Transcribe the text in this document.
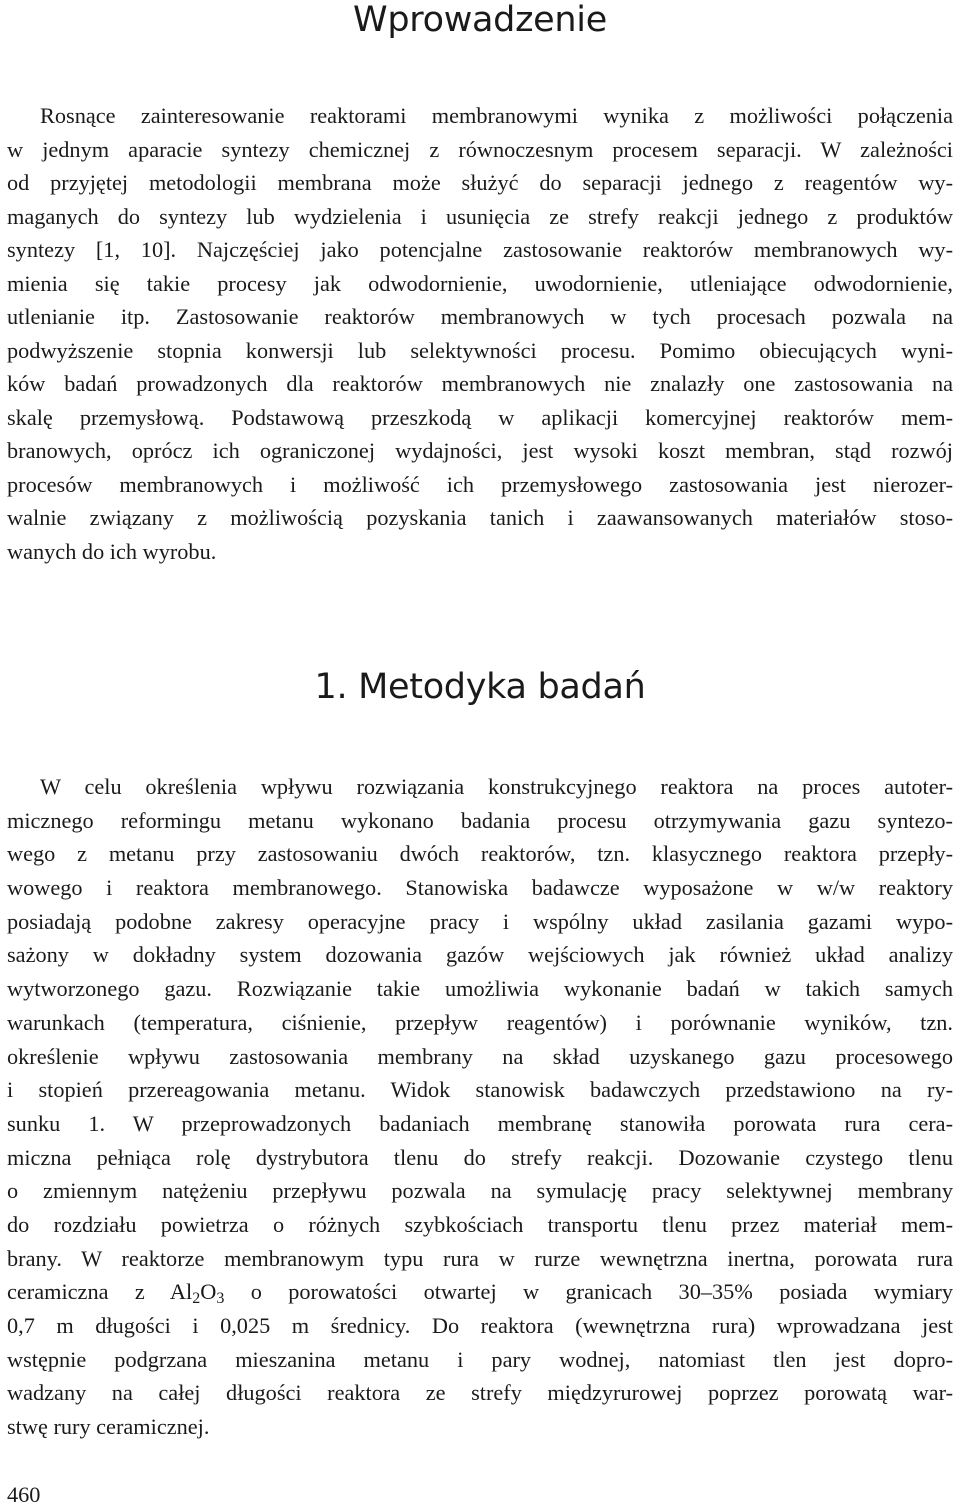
Wprowadzenie
Rosnące zainteresowanie reaktorami membranowymi wynika z możliwości połączenia
w jednym aparacie syntezy chemicznej z równoczesnym procesem separacji. W zależności
od przyjętej metodologii membrana może służyć do separacji jednego z reagentów wy-
maganych do syntezy lub wydzielenia i usunięcia ze strefy reakcji jednego z produktów
syntezy [1, 10]. Najczęściej jako potencjalne zastosowanie reaktorów membranowych wy-
mienia się takie procesy jak odwodornienie, uwodornienie, utleniające odwodornienie,
utlenianie itp. Zastosowanie reaktorów membranowych w tych procesach pozwala na
podwyższenie stopnia konwersji lub selektywności procesu. Pomimo obiecujących wyni-
ków badań prowadzonych dla reaktorów membranowych nie znalazły one zastosowania na
skalę przemysłową. Podstawową przeszkodą w aplikacji komercyjnej reaktorów mem-
branowych, oprócz ich ograniczonej wydajności, jest wysoki koszt membran, stąd rozwój
procesów membranowych i możliwość ich przemysłowego zastosowania jest nierozer-
walnie związany z możliwością pozyskania tanich i zaawansowanych materiałów stoso-
wanych do ich wyrobu.
1. Metodyka badań
W celu określenia wpływu rozwiązania konstrukcyjnego reaktora na proces autoter-
micznego reformingu metanu wykonano badania procesu otrzymywania gazu syntezo-
wego z metanu przy zastosowaniu dwóch reaktorów, tzn. klasycznego reaktora przepły-
wowego i reaktora membranowego. Stanowiska badawcze wyposażone w w/w reaktory
posiadają podobne zakresy operacyjne pracy i wspólny układ zasilania gazami wypo-
sażony w dokładny system dozowania gazów wejściowych jak również układ analizy
wytworzonego gazu. Rozwiązanie takie umożliwia wykonanie badań w takich samych
warunkach (temperatura, ciśnienie, przepływ reagentów) i porównanie wyników, tzn.
określenie wpływu zastosowania membrany na skład uzyskanego gazu procesowego
i stopień przereagowania metanu. Widok stanowisk badawczych przedstawiono na ry-
sunku 1. W przeprowadzonych badaniach membranę stanowiła porowata rura cera-
miczna pełniąca rolę dystrybutora tlenu do strefy reakcji. Dozowanie czystego tlenu
o zmiennym natężeniu przepływu pozwala na symulację pracy selektywnej membrany
do rozdziału powietrza o różnych szybkościach transportu tlenu przez materiał mem-
brany. W reaktorze membranowym typu rura w rurze wewnętrzna inertna, porowata rura
ceramiczna z $Al_2O_3$ o porowatości otwartej w granicach 30–35% posiada wymiary
0,7 m długości i 0,025 m średnicy. Do reaktora (wewnętrzna rura) wprowadzana jest
wstępnie podgrzana mieszanina metanu i pary wodnej, natomiast tlen jest dopro-
wadzany na całej długości reaktora ze strefy międzyrurowej poprzez porowatą war-
stwę rury ceramicznej.

460
